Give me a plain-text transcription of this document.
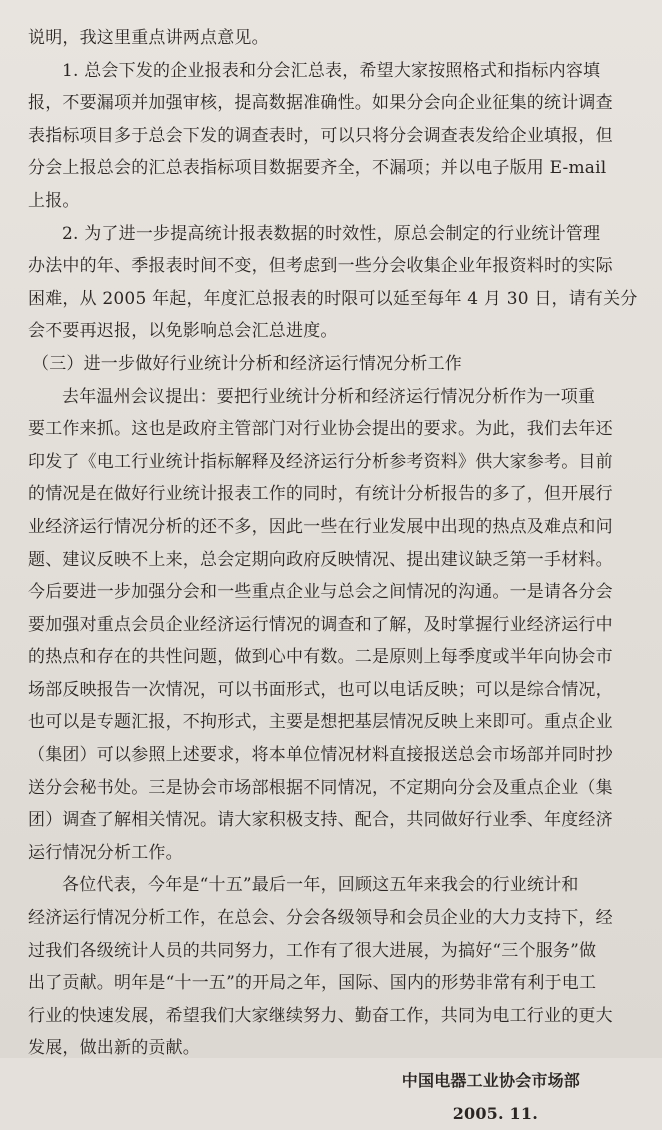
说明，我这里重点讲两点意见。
1. 总会下发的企业报表和分会汇总表，希望大家按照格式和指标内容填
报，不要漏项并加强审核，提高数据准确性。如果分会向企业征集的统计调查
表指标项目多于总会下发的调查表时，可以只将分会调查表发给企业填报，但
分会上报总会的汇总表指标项目数据要齐全，不漏项；并以电子版用 E-mail
上报。
2. 为了进一步提高统计报表数据的时效性，原总会制定的行业统计管理
办法中的年、季报表时间不变，但考虑到一些分会收集企业年报资料时的实际
困难，从 2005 年起，年度汇总报表的时限可以延至每年 4 月 30 日，请有关分
会不要再迟报，以免影响总会汇总进度。
（三）进一步做好行业统计分析和经济运行情况分析工作
去年温州会议提出：要把行业统计分析和经济运行情况分析作为一项重
要工作来抓。这也是政府主管部门对行业协会提出的要求。为此，我们去年还
印发了《电工行业统计指标解释及经济运行分析参考资料》供大家参考。目前
的情况是在做好行业统计报表工作的同时，有统计分析报告的多了，但开展行
业经济运行情况分析的还不多，因此一些在行业发展中出现的热点及难点和问
题、建议反映不上来，总会定期向政府反映情况、提出建议缺乏第一手材料。
今后要进一步加强分会和一些重点企业与总会之间情况的沟通。一是请各分会
要加强对重点会员企业经济运行情况的调查和了解，及时掌握行业经济运行中
的热点和存在的共性问题，做到心中有数。二是原则上每季度或半年向协会市
场部反映报告一次情况，可以书面形式，也可以电话反映；可以是综合情况，
也可以是专题汇报，不拘形式，主要是想把基层情况反映上来即可。重点企业
（集团）可以参照上述要求，将本单位情况材料直接报送总会市场部并同时抄
送分会秘书处。三是协会市场部根据不同情况，不定期向分会及重点企业（集
团）调查了解相关情况。请大家积极支持、配合，共同做好行业季、年度经济
运行情况分析工作。
各位代表，今年是“十五”最后一年，回顾这五年来我会的行业统计和
经济运行情况分析工作，在总会、分会各级领导和会员企业的大力支持下，经
过我们各级统计人员的共同努力，工作有了很大进展，为搞好“三个服务”做
出了贡献。明年是“十一五”的开局之年，国际、国内的形势非常有利于电工
行业的快速发展，希望我们大家继续努力、勤奋工作，共同为电工行业的更大
发展，做出新的贡献。
中国电器工业协会市场部
2005. 11.
